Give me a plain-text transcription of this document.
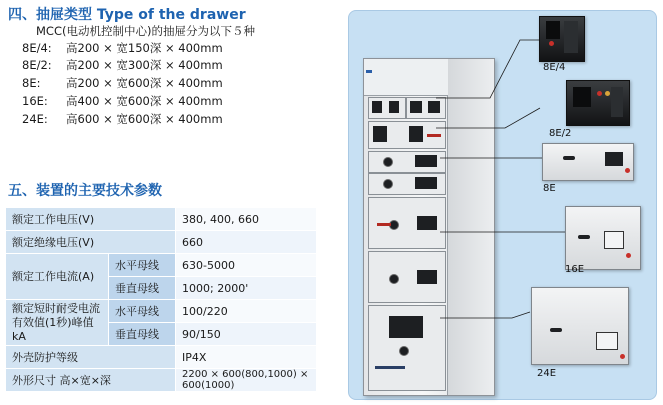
四、抽屉类型 Type of the drawer
MCC(电动机控制中心)的抽屉分为以下５种
8E/4: 高200 × 宽150深 × 400mm
8E/2: 高200 × 宽300深 × 400mm
8E: 高200 × 宽600深 × 400mm
16E: 高400 × 宽600深 × 400mm
24E: 高600 × 宽600深 × 400mm
五、装置的主要技术参数
额定工作电压(V)		380, 400, 660
额定绝缘电压(V)		660
额定工作电流(A)	水平母线	630-5000
	垂直母线	1000; 2000'
额定短时耐受电流有效值(1秒)峰值kA	水平母线	100/220
	垂直母线	90/150
外壳防护等级		IP4X
外形尺寸 高×宽×深		2200 × 600(800,1000) × 600(1000)
8E/4
8E/2
8E
16E
24E
